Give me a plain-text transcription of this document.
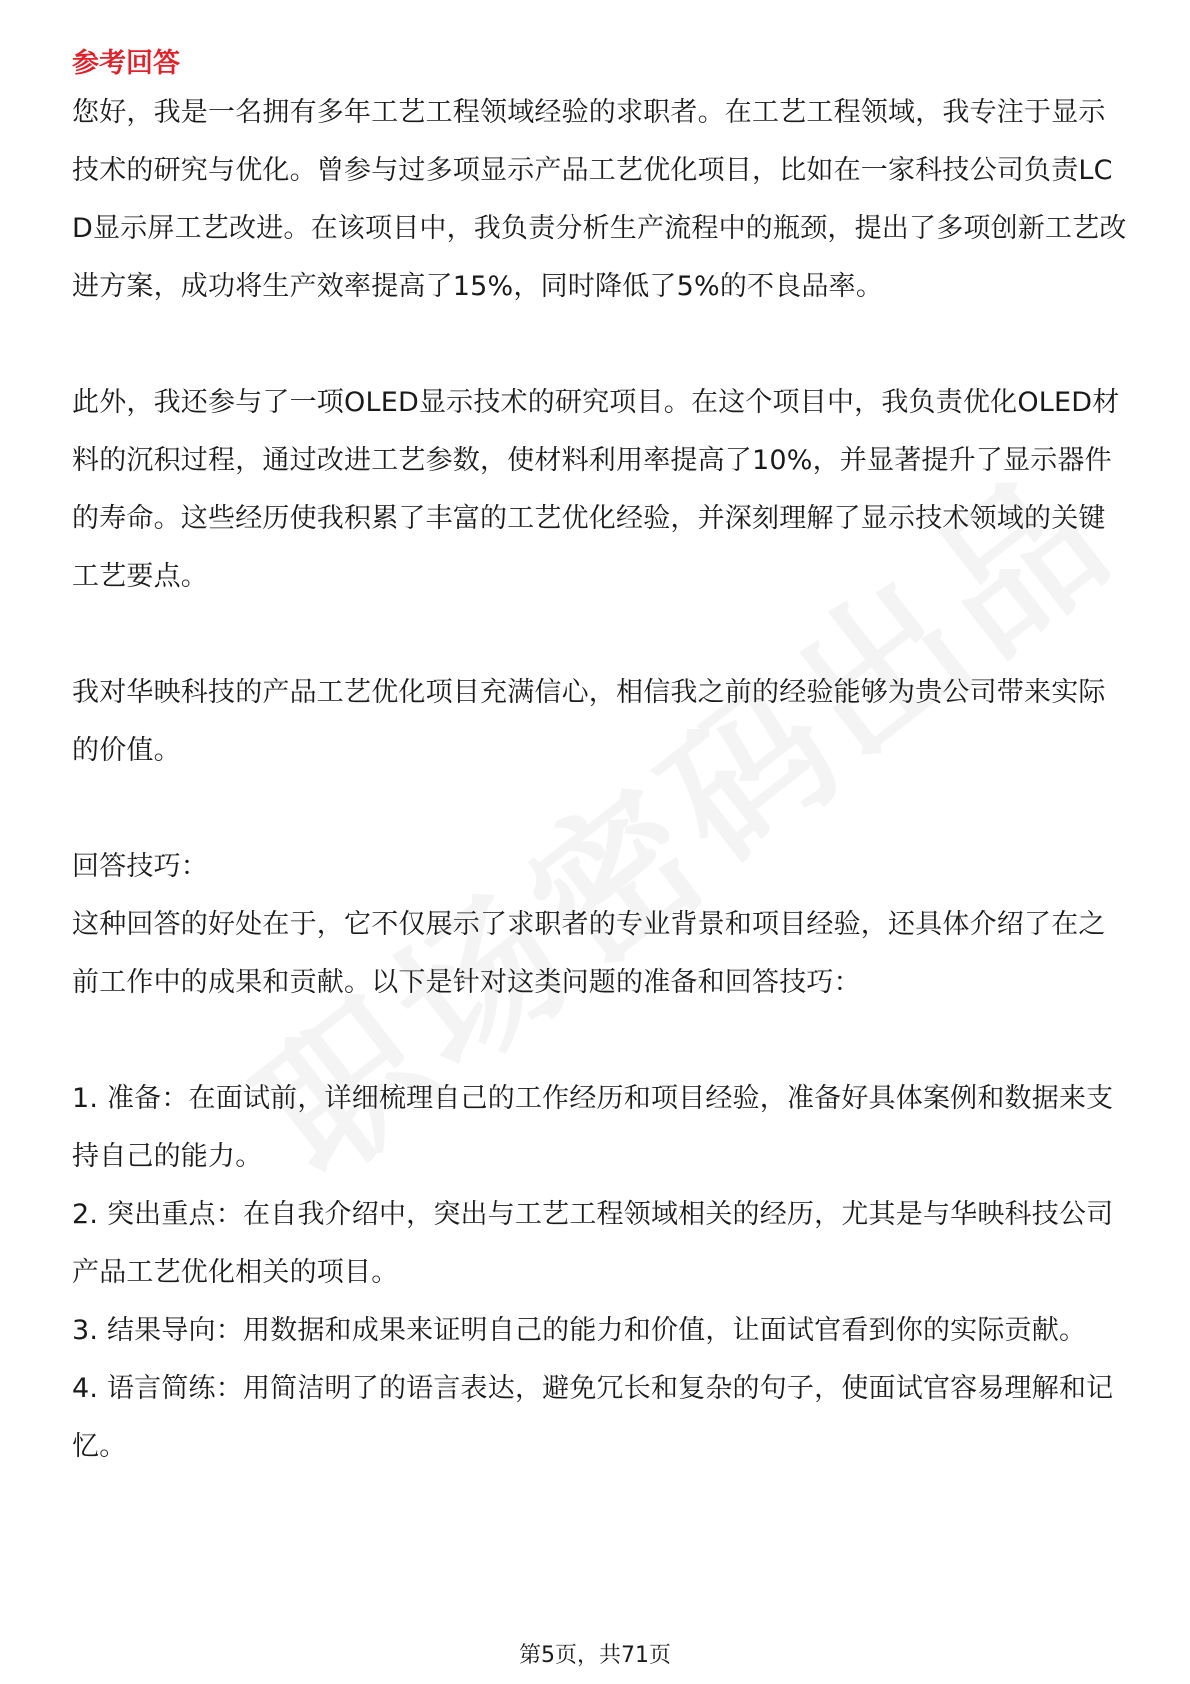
参考回答

您好，我是一名拥有多年工艺工程领域经验的求职者。在工艺工程领域，我专注于显示技术的研究与优化。曾参与过多项显示产品工艺优化项目，比如在一家科技公司负责LCD显示屏工艺改进。在该项目中，我负责分析生产流程中的瓶颈，提出了多项创新工艺改进方案，成功将生产效率提高了15%，同时降低了5%的不良品率。

此外，我还参与了一项OLED显示技术的研究项目。在这个项目中，我负责优化OLED材料的沉积过程，通过改进工艺参数，使材料利用率提高了10%，并显著提升了显示器件的寿命。这些经历使我积累了丰富的工艺优化经验，并深刻理解了显示技术领域的关键工艺要点。

我对华映科技的产品工艺优化项目充满信心，相信我之前的经验能够为贵公司带来实际的价值。

回答技巧：

这种回答的好处在于，它不仅展示了求职者的专业背景和项目经验，还具体介绍了在之前工作中的成果和贡献。以下是针对这类问题的准备和回答技巧：

1. 准备：在面试前，详细梳理自己的工作经历和项目经验，准备好具体案例和数据来支持自己的能力。

2. 突出重点：在自我介绍中，突出与工艺工程领域相关的经历，尤其是与华映科技公司产品工艺优化相关的项目。

3. 结果导向：用数据和成果来证明自己的能力和价值，让面试官看到你的实际贡献。

4. 语言简练：用简洁明了的语言表达，避免冗长和复杂的句子，使面试官容易理解和记忆。

第5页，共71页
